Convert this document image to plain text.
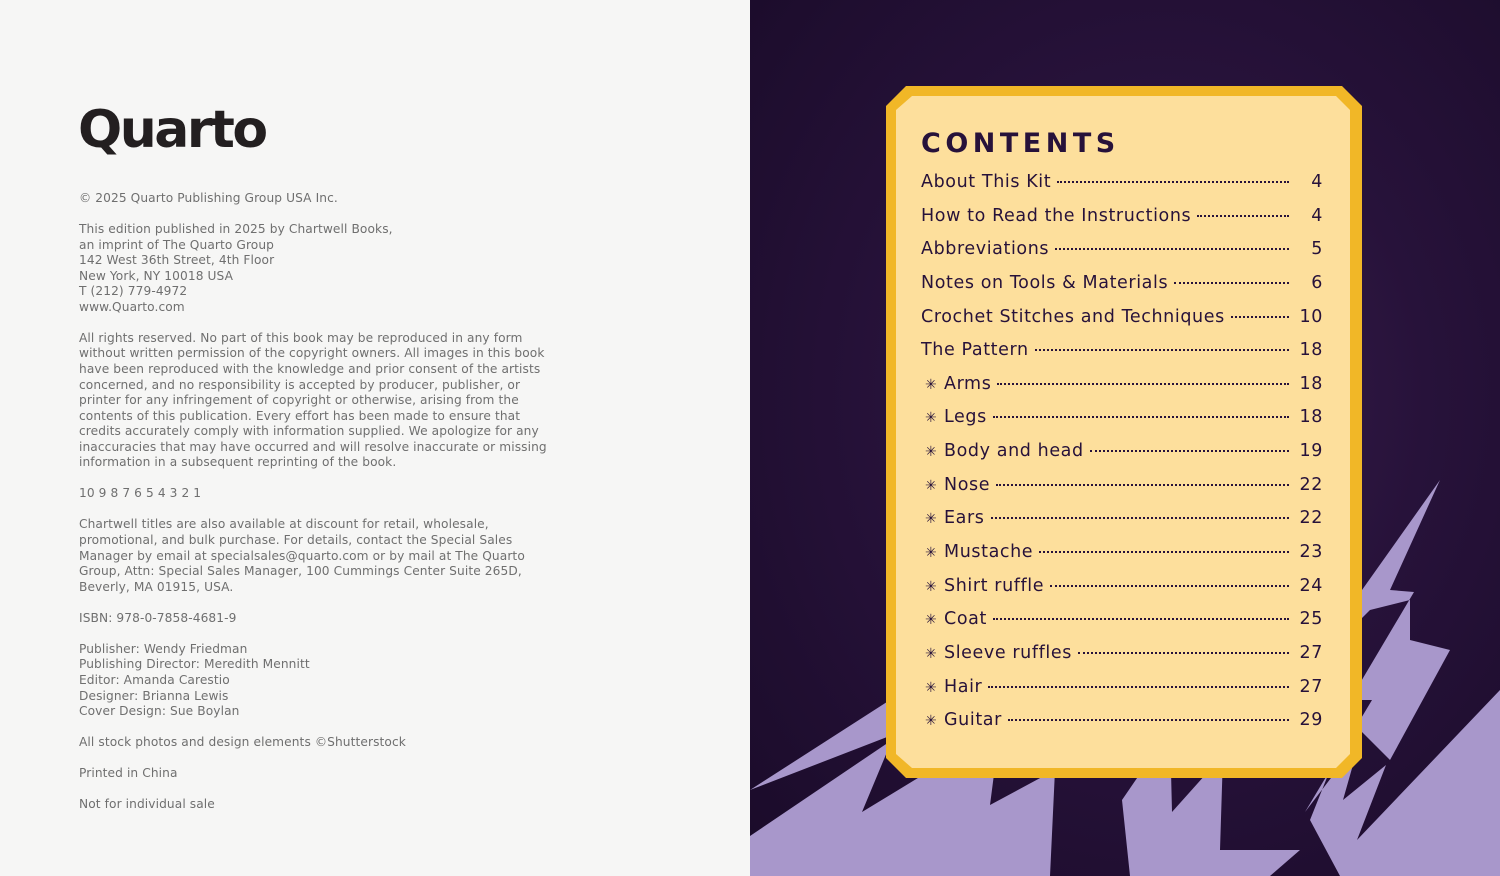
Quarto

© 2025 Quarto Publishing Group USA Inc.

This edition published in 2025 by Chartwell Books,
an imprint of The Quarto Group
142 West 36th Street, 4th Floor
New York, NY 10018 USA
T (212) 779-4972
www.Quarto.com

All rights reserved. No part of this book may be reproduced in any form
without written permission of the copyright owners. All images in this book
have been reproduced with the knowledge and prior consent of the artists
concerned, and no responsibility is accepted by producer, publisher, or
printer for any infringement of copyright or otherwise, arising from the
contents of this publication. Every effort has been made to ensure that
credits accurately comply with information supplied. We apologize for any
inaccuracies that may have occurred and will resolve inaccurate or missing
information in a subsequent reprinting of the book.

10 9 8 7 6 5 4 3 2 1

Chartwell titles are also available at discount for retail, wholesale,
promotional, and bulk purchase. For details, contact the Special Sales
Manager by email at specialsales@quarto.com or by mail at The Quarto
Group, Attn: Special Sales Manager, 100 Cummings Center Suite 265D,
Beverly, MA 01915, USA.

ISBN: 978-0-7858-4681-9

Publisher: Wendy Friedman
Publishing Director: Meredith Mennitt
Editor: Amanda Carestio
Designer: Brianna Lewis
Cover Design: Sue Boylan

All stock photos and design elements ©Shutterstock

Printed in China

Not for individual sale

CONTENTS
About This Kit	4
How to Read the Instructions	4
Abbreviations	5
Notes on Tools & Materials	6
Crochet Stitches and Techniques	10
The Pattern	18
✳ Arms	18
✳ Legs	18
✳ Body and head	19
✳ Nose	22
✳ Ears	22
✳ Mustache	23
✳ Shirt ruffle	24
✳ Coat	25
✳ Sleeve ruffles	27
✳ Hair	27
✳ Guitar	29
